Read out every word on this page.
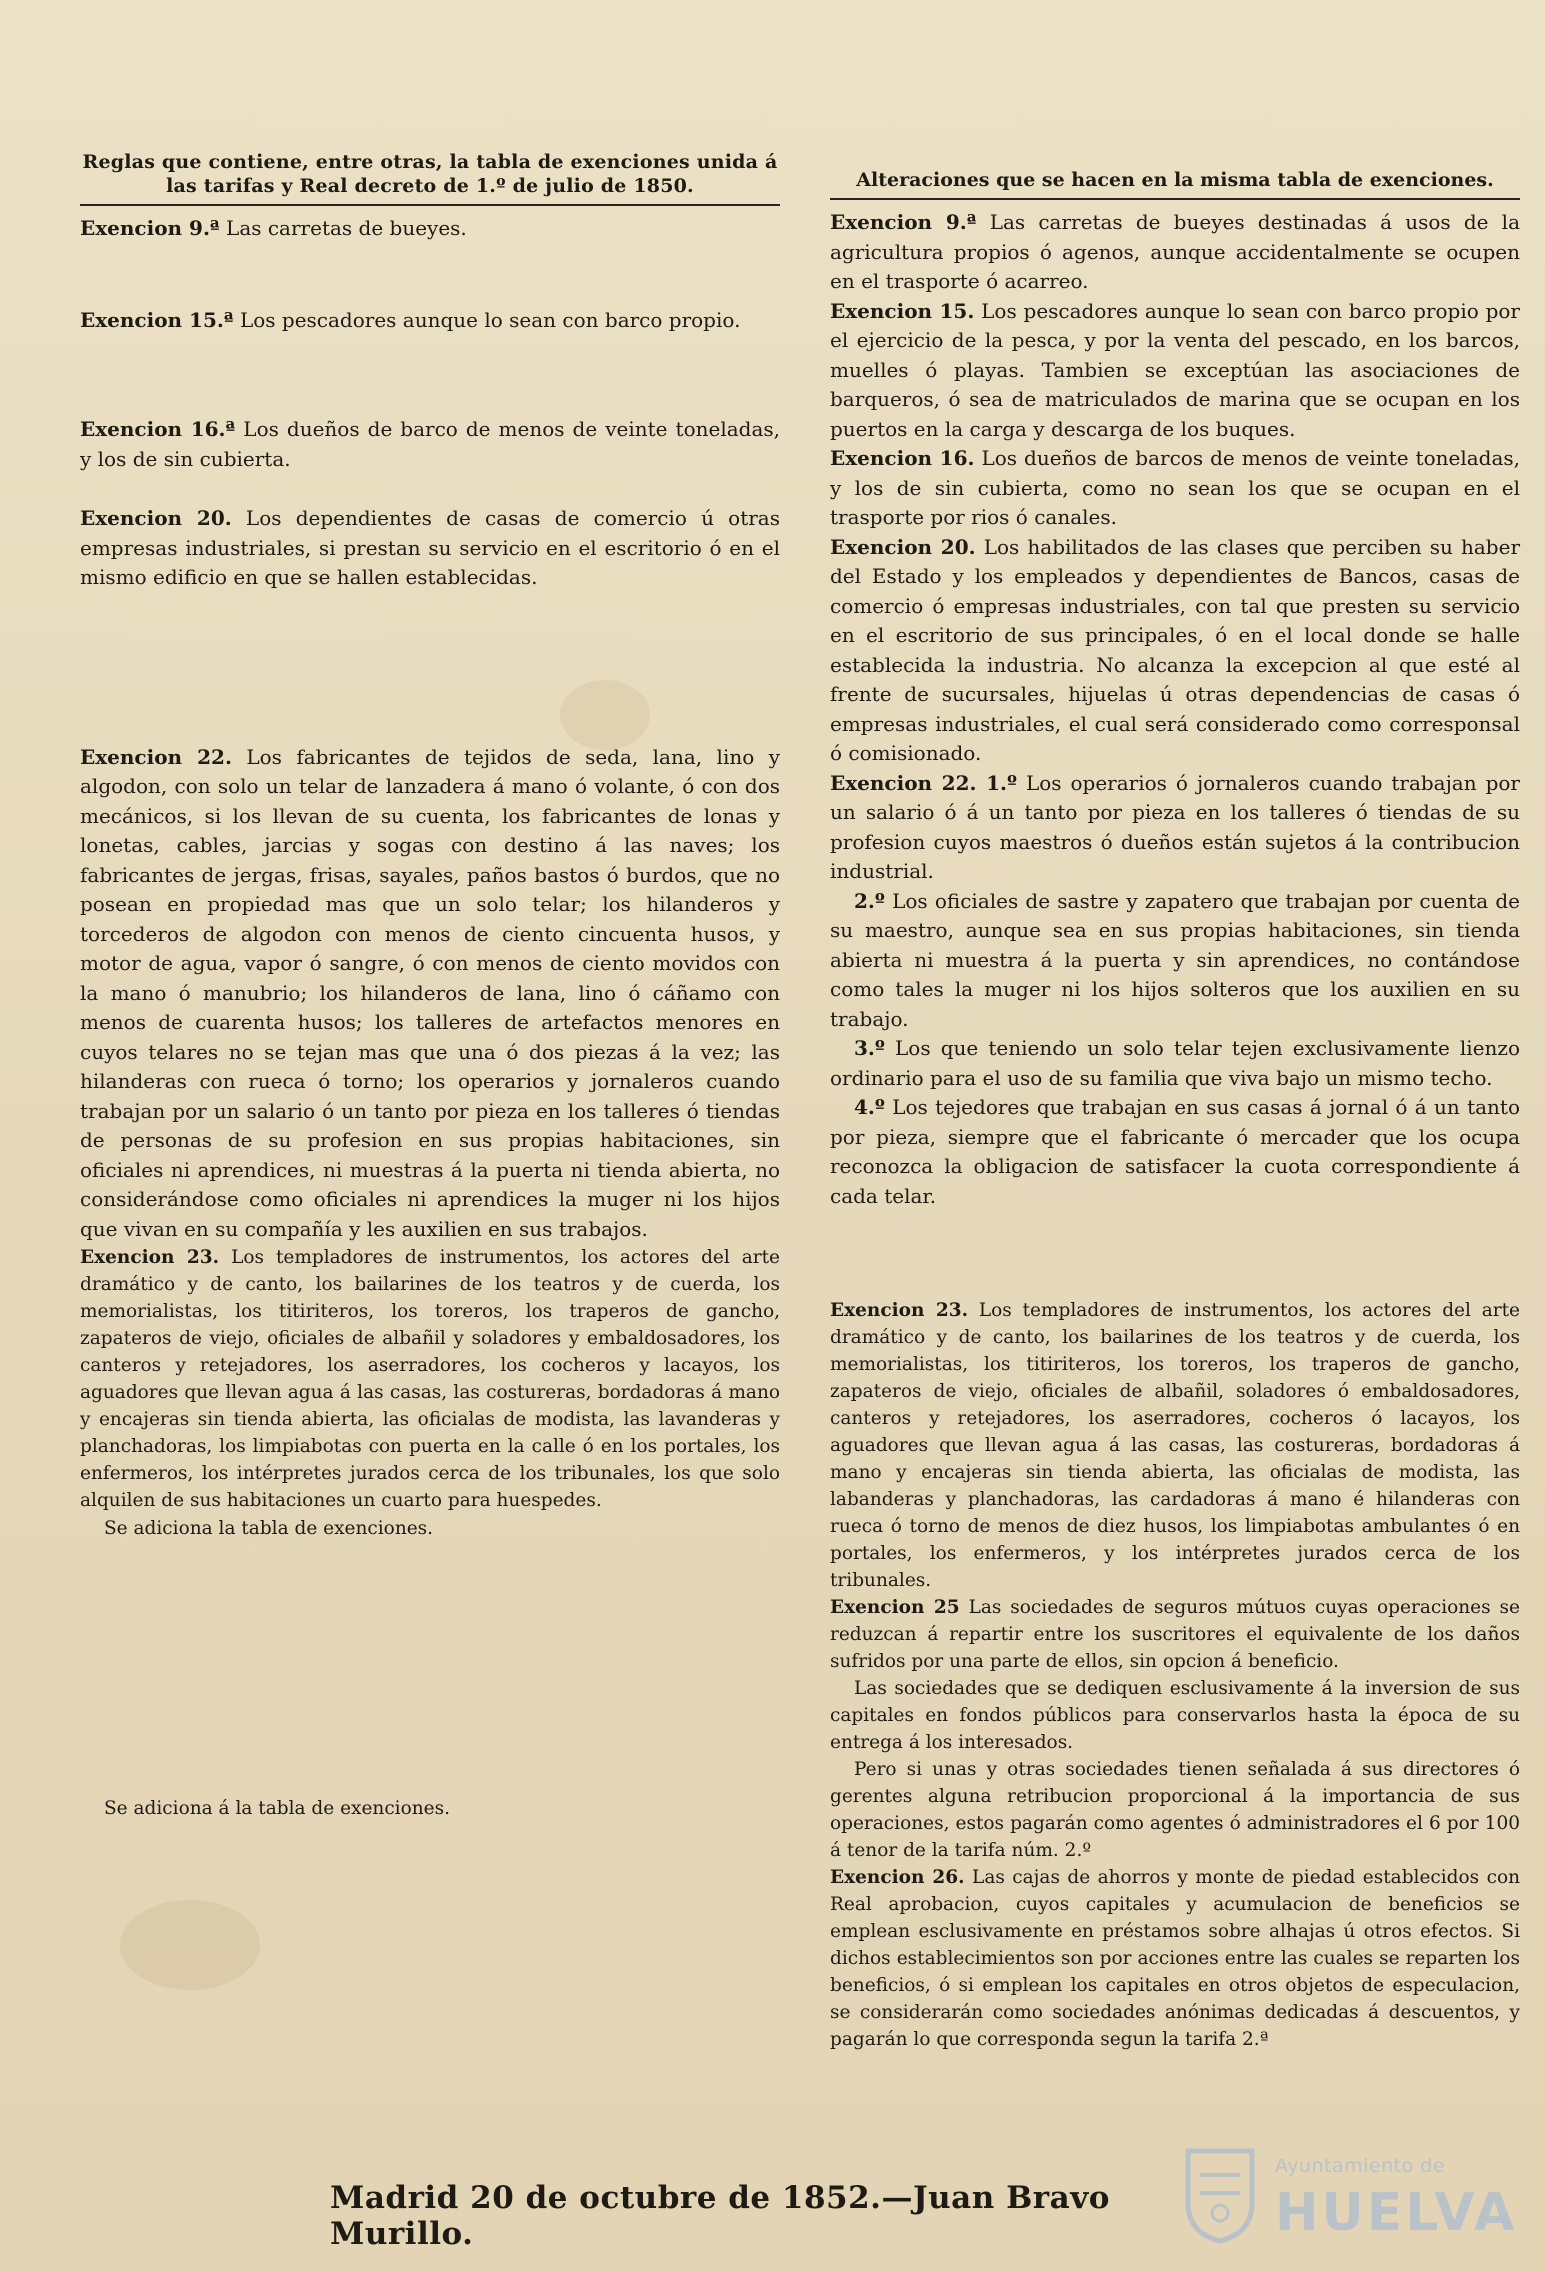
Reglas que contiene, entre otras, la tabla de exenciones unida á las tarifas y Real decreto de 1.º de julio de 1850.

Exencion 9.ª Las carretas de bueyes.

Exencion 15.ª Los pescadores aunque lo sean con barco propio.

Exencion 16.ª Los dueños de barco de menos de veinte toneladas, y los de sin cubierta.

Exencion 20. Los dependientes de casas de comercio ú otras empresas industriales, si prestan su servicio en el escritorio ó en el mismo edificio en que se hallen establecidas.

Exencion 22. Los fabricantes de tejidos de seda, lana, lino y algodon, con solo un telar de lanzadera á mano ó volante, ó con dos mecánicos, si los llevan de su cuenta, los fabricantes de lonas y lonetas, cables, jarcias y sogas con destino á las naves; los fabricantes de jergas, frisas, sayales, paños bastos ó burdos, que no posean en propiedad mas que un solo telar; los hilanderos y torcederos de algodon con menos de ciento cincuenta husos, y motor de agua, vapor ó sangre, ó con menos de ciento movidos con la mano ó manubrio; los hilanderos de lana, lino ó cáñamo con menos de cuarenta husos; los talleres de artefactos menores en cuyos telares no se tejan mas que una ó dos piezas á la vez; las hilanderas con rueca ó torno; los operarios y jornaleros cuando trabajan por un salario ó un tanto por pieza en los talleres ó tiendas de personas de su profesion en sus propias habitaciones, sin oficiales ni aprendices, ni muestras á la puerta ni tienda abierta, no considerándose como oficiales ni aprendices la muger ni los hijos que vivan en su compañía y les auxilien en sus trabajos.

Exencion 23. Los templadores de instrumentos, los actores del arte dramático y de canto, los bailarines de los teatros y de cuerda, los memorialistas, los titiriteros, los toreros, los traperos de gancho, zapateros de viejo, oficiales de albañil y soladores y embaldosadores, los canteros y retejadores, los aserradores, los cocheros y lacayos, los aguadores que llevan agua á las casas, las costureras, bordadoras á mano y encajeras sin tienda abierta, las oficialas de modista, las lavanderas y planchadoras, los limpiabotas con puerta en la calle ó en los portales, los enfermeros, los intérpretes jurados cerca de los tribunales, los que solo alquilen de sus habitaciones un cuarto para huespedes.

Se adiciona la tabla de exenciones.

Se adiciona á la tabla de exenciones.

Alteraciones que se hacen en la misma tabla de exenciones.

Exencion 9.ª Las carretas de bueyes destinadas á usos de la agricultura propios ó agenos, aunque accidentalmente se ocupen en el trasporte ó acarreo.

Exencion 15. Los pescadores aunque lo sean con barco propio por el ejercicio de la pesca, y por la venta del pescado, en los barcos, muelles ó playas. Tambien se exceptúan las asociaciones de barqueros, ó sea de matriculados de marina que se ocupan en los puertos en la carga y descarga de los buques.

Exencion 16. Los dueños de barcos de menos de veinte toneladas, y los de sin cubierta, como no sean los que se ocupan en el trasporte por rios ó canales.

Exencion 20. Los habilitados de las clases que perciben su haber del Estado y los empleados y dependientes de Bancos, casas de comercio ó empresas industriales, con tal que presten su servicio en el escritorio de sus principales, ó en el local donde se halle establecida la industria. No alcanza la excepcion al que esté al frente de sucursales, hijuelas ú otras dependencias de casas ó empresas industriales, el cual será considerado como corresponsal ó comisionado.

Exencion 22. 1.º Los operarios ó jornaleros cuando trabajan por un salario ó á un tanto por pieza en los talleres ó tiendas de su profesion cuyos maestros ó dueños están sujetos á la contribucion industrial.

2.º Los oficiales de sastre y zapatero que trabajan por cuenta de su maestro, aunque sea en sus propias habitaciones, sin tienda abierta ni muestra á la puerta y sin aprendices, no contándose como tales la muger ni los hijos solteros que los auxilien en su trabajo.

3.º Los que teniendo un solo telar tejen exclusivamente lienzo ordinario para el uso de su familia que viva bajo un mismo techo.

4.º Los tejedores que trabajan en sus casas á jornal ó á un tanto por pieza, siempre que el fabricante ó mercader que los ocupa reconozca la obligacion de satisfacer la cuota correspondiente á cada telar.

Exencion 23. Los templadores de instrumentos, los actores del arte dramático y de canto, los bailarines de los teatros y de cuerda, los memorialistas, los titiriteros, los toreros, los traperos de gancho, zapateros de viejo, oficiales de albañil, soladores ó embaldosadores, canteros y retejadores, los aserradores, cocheros ó lacayos, los aguadores que llevan agua á las casas, las costureras, bordadoras á mano y encajeras sin tienda abierta, las oficialas de modista, las labanderas y planchadoras, las cardadoras á mano é hilanderas con rueca ó torno de menos de diez husos, los limpiabotas ambulantes ó en portales, los enfermeros, y los intérpretes jurados cerca de los tribunales.

Exencion 25 Las sociedades de seguros mútuos cuyas operaciones se reduzcan á repartir entre los suscritores el equivalente de los daños sufridos por una parte de ellos, sin opcion á beneficio.

Las sociedades que se dediquen esclusivamente á la inversion de sus capitales en fondos públicos para conservarlos hasta la época de su entrega á los interesados.

Pero si unas y otras sociedades tienen señalada á sus directores ó gerentes alguna retribucion proporcional á la importancia de sus operaciones, estos pagarán como agentes ó administradores el 6 por 100 á tenor de la tarifa núm. 2.º

Exencion 26. Las cajas de ahorros y monte de piedad establecidos con Real aprobacion, cuyos capitales y acumulacion de beneficios se emplean esclusivamente en préstamos sobre alhajas ú otros efectos. Si dichos establecimientos son por acciones entre las cuales se reparten los beneficios, ó si emplean los capitales en otros objetos de especulacion, se considerarán como sociedades anónimas dedicadas á descuentos, y pagarán lo que corresponda segun la tarifa 2.ª

Madrid 20 de octubre de 1852.—Juan Bravo Murillo.
Ayuntamiento de
HUELVA
